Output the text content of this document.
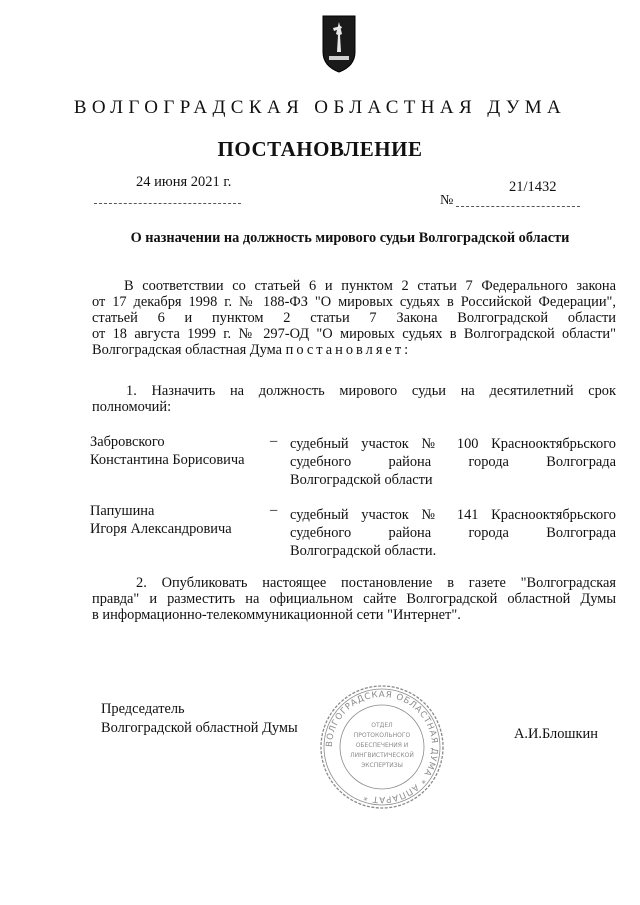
ВОЛГОГРАДСКАЯ ОБЛАСТНАЯ ДУМА
ПОСТАНОВЛЕНИЕ
24 июня 2021 г.
№
21/1432
О назначении на должность мирового судьи Волгоградской области
В соответствии со статьей 6 и пунктом 2 статьи 7 Федерального закона
от 17 декабря 1998 г. № 188-ФЗ "О мировых судьях в Российской Федерации",
статьей 6 и пунктом 2 статьи 7 Закона Волгоградской области
от 18 августа 1999 г. № 297-ОД "О мировых судьях в Волгоградской области"
Волгоградская областная Дума постановляет:
1. Назначить на должность мирового судьи на десятилетний срок
полномочий:
Забровского
Константина Борисовича
– судебный участок № 100 Краснооктябрьского
судебного района города Волгограда
Волгоградской области
Папушина
Игоря Александровича
– судебный участок № 141 Краснооктябрьского
судебного района города Волгограда
Волгоградской области.
2. Опубликовать настоящее постановление в газете "Волгоградская
правда" и разместить на официальном сайте Волгоградской областной Думы
в информационно-телекоммуникационной сети "Интернет".
Председатель
Волгоградской областной Думы
ВОЛГОГРАДСКАЯ ОБЛАСТНАЯ ДУМА * АППАРАТ *
ОТДЕЛ
ПРОТОКОЛЬНОГО
ОБЕСПЕЧЕНИЯ И
ЛИНГВИСТИЧЕСКОЙ
ЭКСПЕРТИЗЫ
А.И.Блошкин
